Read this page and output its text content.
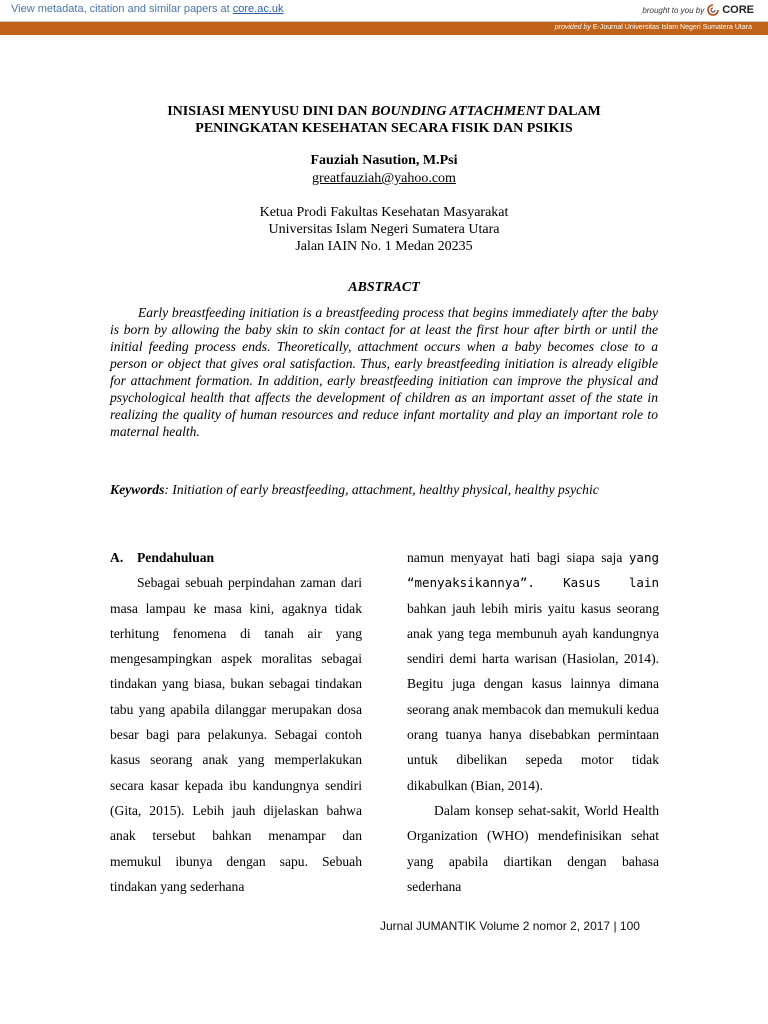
View metadata, citation and similar papers at core.ac.uk	brought to you by CORE
provided by E-Journal Universitas Islam Negeri Sumatera Utara
INISIASI MENYUSU DINI DAN BOUNDING ATTACHMENT DALAM
PENINGKATAN KESEHATAN SECARA FISIK DAN PSIKIS
Fauziah Nasution, M.Psi
greatfauziah@yahoo.com
Ketua Prodi Fakultas Kesehatan Masyarakat
Universitas Islam Negeri Sumatera Utara
Jalan IAIN No. 1 Medan 20235
ABSTRACT
Early breastfeeding initiation is a breastfeeding process that begins immediately after the baby is born by allowing the baby skin to skin contact for at least the first hour after birth or until the initial feeding process ends. Theoretically, attachment occurs when a baby becomes close to a person or object that gives oral satisfaction. Thus, early breastfeeding initiation is already eligible for attachment formation. In addition, early breastfeeding initiation can improve the physical and psychological health that affects the development of children as an important asset of the state in realizing the quality of human resources and reduce infant mortality and play an important role to maternal health.
Keywords: Initiation of early breastfeeding, attachment, healthy physical, healthy psychic
A. Pendahuluan

Sebagai sebuah perpindahan zaman dari masa lampau ke masa kini, agaknya tidak terhitung fenomena di tanah air yang mengesampingkan aspek moralitas sebagai tindakan yang biasa, bukan sebagai tindakan tabu yang apabila dilanggar merupakan dosa besar bagi para pelakunya. Sebagai contoh kasus seorang anak yang memperlakukan secara kasar kepada ibu kandungnya sendiri (Gita, 2015). Lebih jauh dijelaskan bahwa anak tersebut bahkan menampar dan memukul ibunya dengan sapu. Sebuah tindakan yang sederhana

namun menyayat hati bagi siapa saja yang “menyaksikannya”. Kasus lain bahkan jauh lebih miris yaitu kasus seorang anak yang tega membunuh ayah kandungnya sendiri demi harta warisan (Hasiolan, 2014). Begitu juga dengan kasus lainnya dimana seorang anak membacok dan memukuli kedua orang tuanya hanya disebabkan permintaan untuk dibelikan sepeda motor tidak dikabulkan (Bian, 2014).

Dalam konsep sehat-sakit, World Health Organization (WHO) mendefinisikan sehat yang apabila diartikan dengan bahasa sederhana

Jurnal JUMANTIK Volume 2 nomor 2, 2017 | 100
